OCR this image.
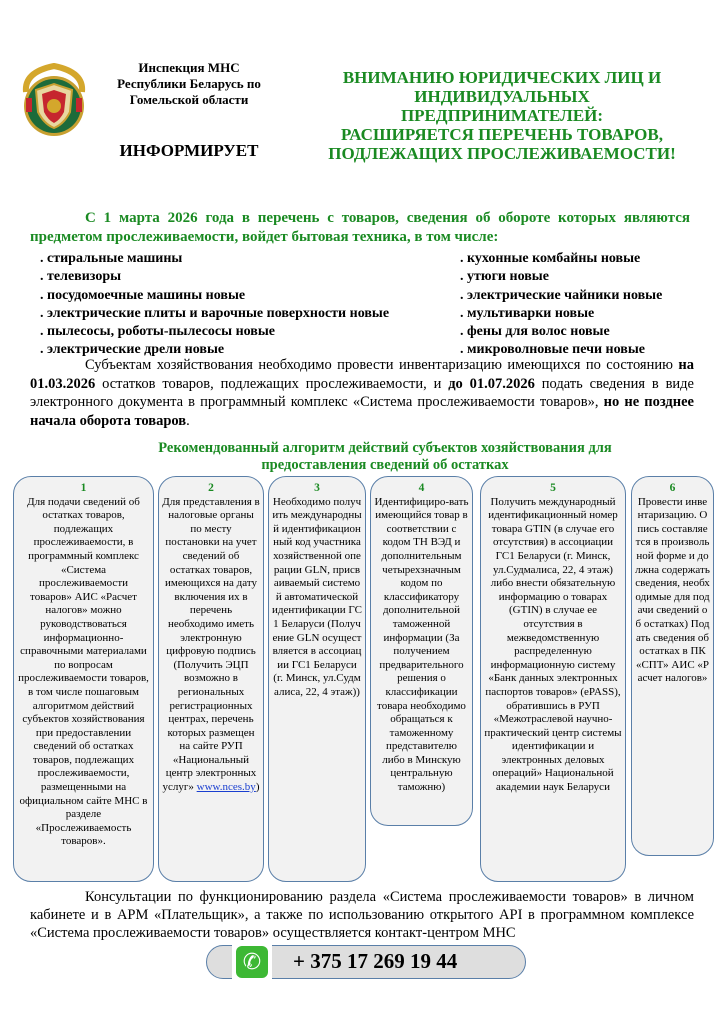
Инспекция МНС
Республики Беларусь по
Гомельской области
ИНФОРМИРУЕТ
ВНИМАНИЮ ЮРИДИЧЕСКИХ ЛИЦ И
ИНДИВИДУАЛЬНЫХ
ПРЕДПРИНИМАТЕЛЕЙ:
РАСШИРЯЕТСЯ ПЕРЕЧЕНЬ ТОВАРОВ,
ПОДЛЕЖАЩИХ ПРОСЛЕЖИВАЕМОСТИ!
С 1 марта 2026 года в перечень с товаров, сведения об обороте которых являются предметом прослеживаемости, войдет бытовая техника, в том числе:
. стиральные машины	. кухонные комбайны новые
. телевизоры	. утюги новые
. посудомоечные машины новые	. электрические чайники новые
. электрические плиты и варочные поверхности новые	. мультиварки новые
. пылесосы, роботы-пылесосы новые	. фены для волос новые
. электрические дрели новые	. микроволновые печи новые
Субъектам хозяйствования необходимо провести инвентаризацию имеющихся по состоянию на 01.03.2026 остатков товаров, подлежащих прослеживаемости, и до 01.07.2026 подать сведения в виде электронного документа в программный комплекс «Система прослеживаемости товаров», но не позднее начала оборота товаров.
Рекомендованный алгоритм действий субъектов хозяйствования для предоставления сведений об остатках
1
Для подачи сведений об остатках товаров, подлежащих прослеживаемости, в программный комплекс «Система прослеживаемости товаров» АИС «Расчет налогов» можно руководствоваться информационно-справочными материалами по вопросам прослеживаемости товаров, в том числе пошаговым алгоритмом действий субъектов хозяйствования при предоставлении сведений об остатках товаров, подлежащих прослеживаемости, размещенными на официальном сайте МНС в разделе «Прослеживаемость товаров».
2
Для представления в налоговые органы по месту постановки на учет сведений об остатках товаров, имеющихся на дату включения их в перечень необходимо иметь электронную цифровую подпись (Получить ЭЦП возможно в региональных регистрационных центрах, перечень которых размещен на сайте РУП «Национальный центр электронных услуг» www.nces.by)
3
Необходимо получить международный идентификационный код участника хозяйственной операции GLN, присваиваемый системой автоматической идентификации ГС1 Беларуси (Получение GLN осуществляется в ассоциации ГС1 Беларуси (г. Минск, ул.Судмалиса, 22, 4 этаж))
4
Идентифициро-вать имеющийся товар в соответствии с кодом ТН ВЭД и дополнительным четырехзначным кодом по классификатору дополнительной таможенной информации (За получением предварительного решения о классификации товара необходимо обращаться к таможенному представителю либо в Минскую центральную таможню)
5
Получить международный идентификационный номер товара GTIN (в случае его отсутствия) в ассоциации ГС1 Беларуси (г. Минск, ул.Судмалиса, 22, 4 этаж) либо внести обязательную информацию о товарах (GTIN) в случае ее отсутствия в межведомственную распределенную информационную систему «Банк данных электронных паспортов товаров» (ePASS), обратившись в РУП «Межотраслевой научно-практический центр системы идентификации и электронных деловых операций» Национальной академии наук Беларуси
6
Провести инвентаризацию. Опись составляется в произвольной форме и должна содержать сведения, необходимые для подачи сведений об остатках) Подать сведения об остатках в ПК «СПТ» АИС «Расчет налогов»
Консультации по функционированию раздела «Система прослеживаемости товаров» в личном кабинете и в АРМ «Плательщик», а также по использованию открытого API в программном комплексе «Система прослеживаемости товаров» осуществляется контакт-центром МНС
✆	+ 375 17 269 19 44
